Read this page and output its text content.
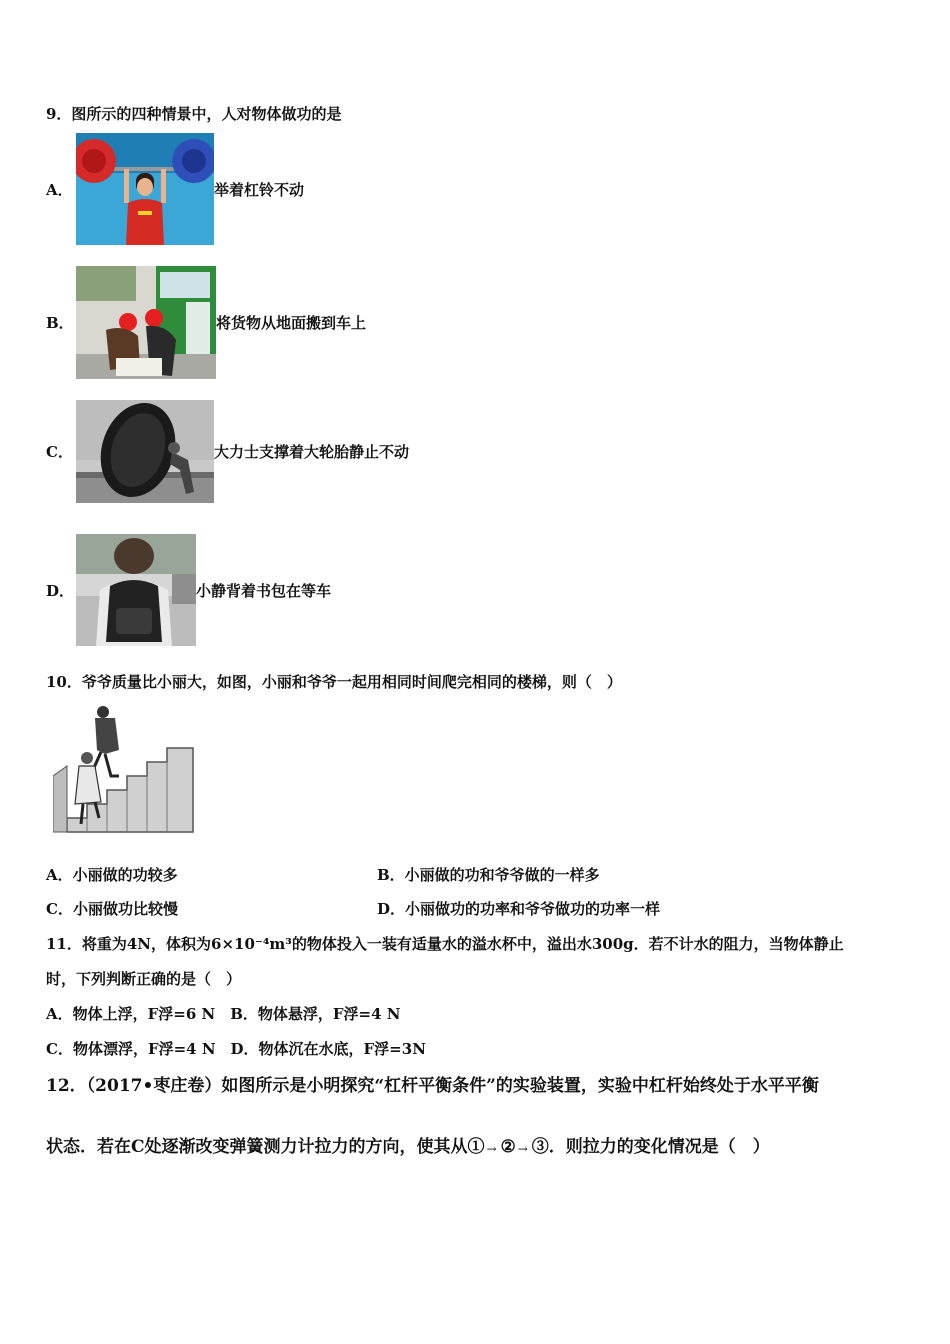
9．图所示的四种情景中，人对物体做功的是
A．	举着杠铃不动
B．	将货物从地面搬到车上
C．	大力士支撑着大轮胎静止不动
D．	小静背着书包在等车
10．爷爷质量比小丽大，如图，小丽和爷爷一起用相同时间爬完相同的楼梯，则（　）
A．小丽做的功较多	B．小丽做的功和爷爷做的一样多
C．小丽做功比较慢	D．小丽做功的功率和爷爷做功的功率一样
11．将重为4N，体积为6×10⁻⁴m³的物体投入一装有适量水的溢水杯中，溢出水300g．若不计水的阻力，当物体静止
时，下列判断正确的是（　）
A．物体上浮，F浮=6 N　B．物体悬浮，F浮=4 N
C．物体漂浮，F浮=4 N　D．物体沉在水底，F浮=3N
12．（2017•枣庄卷）如图所示是小明探究“杠杆平衡条件”的实验装置，实验中杠杆始终处于水平平衡
状态．若在C处逐渐改变弹簧测力计拉力的方向，使其从① → ② → ③．则拉力的变化情况是（　）
